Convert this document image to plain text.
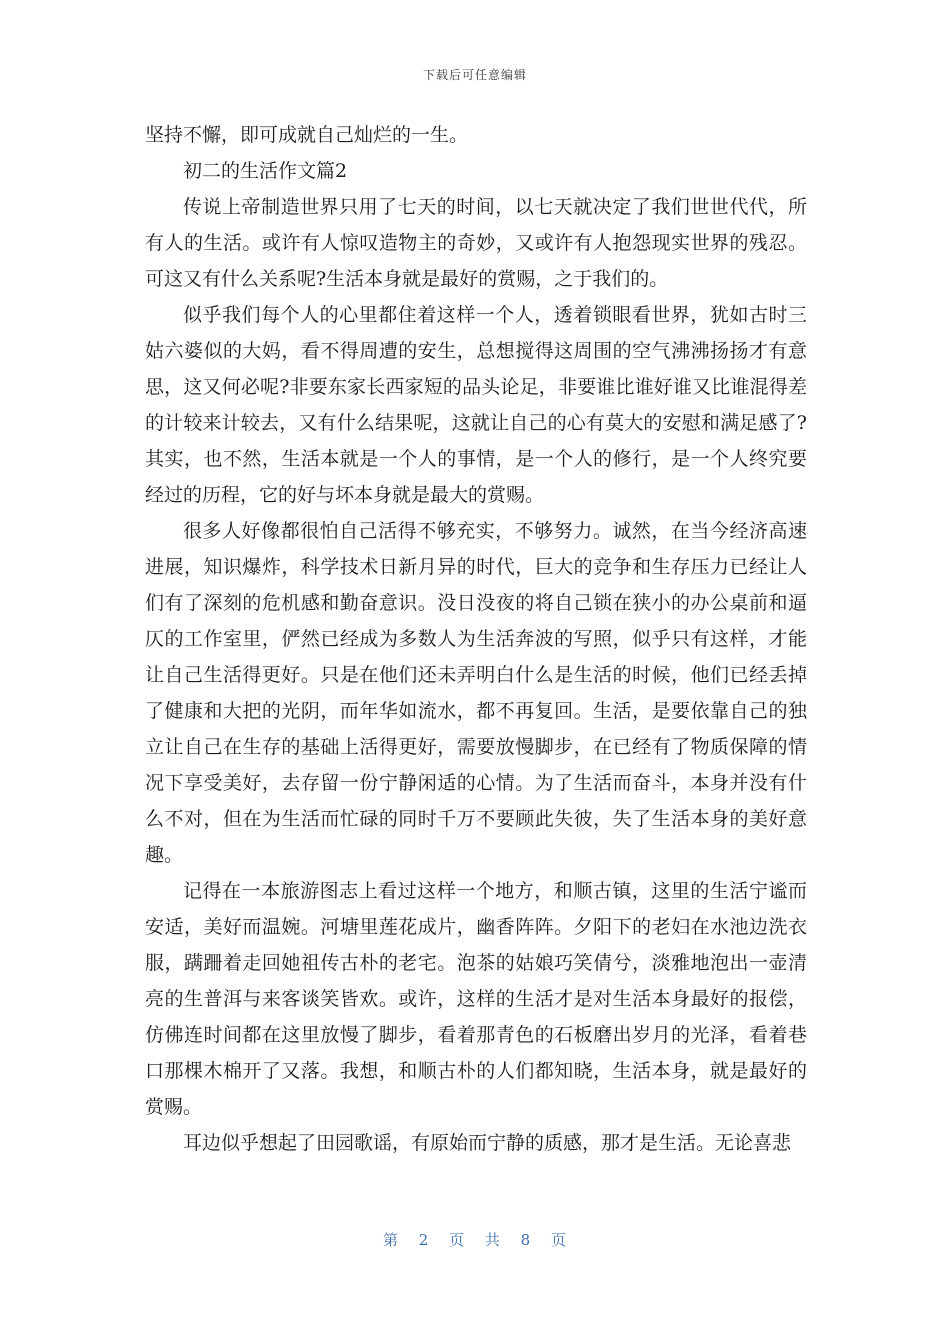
下载后可任意编辑

坚持不懈，即可成就自己灿烂的一生。

初二的生活作文篇2

传说上帝制造世界只用了七天的时间，以七天就决定了我们世世代代，所有人的生活。或许有人惊叹造物主的奇妙，又或许有人抱怨现实世界的残忍。可这又有什么关系呢?生活本身就是最好的赏赐，之于我们的。

似乎我们每个人的心里都住着这样一个人，透着锁眼看世界，犹如古时三姑六婆似的大妈，看不得周遭的安生，总想搅得这周围的空气沸沸扬扬才有意思，这又何必呢?非要东家长西家短的品头论足，非要谁比谁好谁又比谁混得差的计较来计较去，又有什么结果呢，这就让自己的心有莫大的安慰和满足感了?其实，也不然，生活本就是一个人的事情，是一个人的修行，是一个人终究要经过的历程，它的好与坏本身就是最大的赏赐。

很多人好像都很怕自己活得不够充实，不够努力。诚然，在当今经济高速进展，知识爆炸，科学技术日新月异的时代，巨大的竞争和生存压力已经让人们有了深刻的危机感和勤奋意识。没日没夜的将自己锁在狭小的办公桌前和逼仄的工作室里，俨然已经成为多数人为生活奔波的写照，似乎只有这样，才能让自己生活得更好。只是在他们还未弄明白什么是生活的时候，他们已经丢掉了健康和大把的光阴，而年华如流水，都不再复回。生活，是要依靠自己的独立让自己在生存的基础上活得更好，需要放慢脚步，在已经有了物质保障的情况下享受美好，去存留一份宁静闲适的心情。为了生活而奋斗，本身并没有什么不对，但在为生活而忙碌的同时千万不要顾此失彼，失了生活本身的美好意趣。

记得在一本旅游图志上看过这样一个地方，和顺古镇，这里的生活宁谧而安适，美好而温婉。河塘里莲花成片，幽香阵阵。夕阳下的老妇在水池边洗衣服，蹒跚着走回她祖传古朴的老宅。泡茶的姑娘巧笑倩兮，淡雅地泡出一壶清亮的生普洱与来客谈笑皆欢。或许，这样的生活才是对生活本身最好的报偿，仿佛连时间都在这里放慢了脚步，看着那青色的石板磨出岁月的光泽，看着巷口那棵木棉开了又落。我想，和顺古朴的人们都知晓，生活本身，就是最好的赏赐。

耳边似乎想起了田园歌谣，有原始而宁静的质感，那才是生活。无论喜悲

第 2 页 共 8 页
